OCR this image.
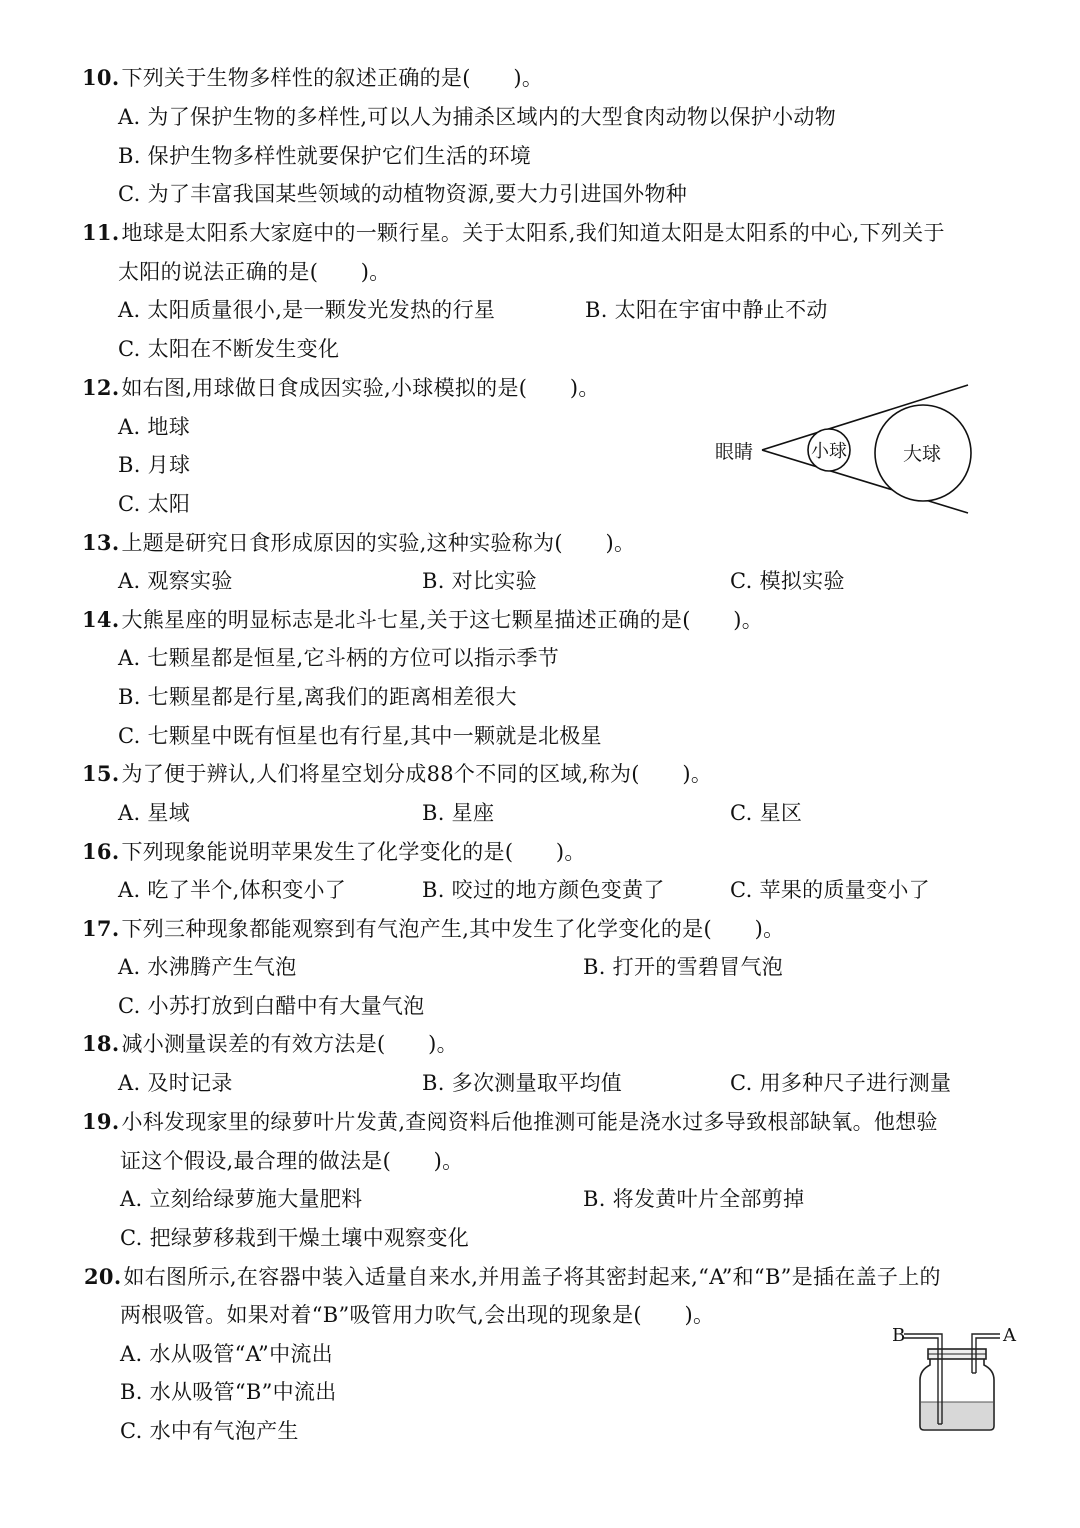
10.下列关于生物多样性的叙述正确的是(　　)。
A. 为了保护生物的多样性,可以人为捕杀区域内的大型食肉动物以保护小动物
B. 保护生物多样性就要保护它们生活的环境
C. 为了丰富我国某些领域的动植物资源,要大力引进国外物种
11.地球是太阳系大家庭中的一颗行星。关于太阳系,我们知道太阳是太阳系的中心,下列关于
太阳的说法正确的是(　　)。
A. 太阳质量很小,是一颗发光发热的行星	B. 太阳在宇宙中静止不动
C. 太阳在不断发生变化
12.如右图,用球做日食成因实验,小球模拟的是(　　)。
A. 地球
B. 月球
C. 太阳
眼睛	小球	大球
13.上题是研究日食形成原因的实验,这种实验称为(　　)。
A. 观察实验	B. 对比实验	C. 模拟实验
14.大熊星座的明显标志是北斗七星,关于这七颗星描述正确的是(　　)。
A. 七颗星都是恒星,它斗柄的方位可以指示季节
B. 七颗星都是行星,离我们的距离相差很大
C. 七颗星中既有恒星也有行星,其中一颗就是北极星
15.为了便于辨认,人们将星空划分成88个不同的区域,称为(　　)。
A. 星域	B. 星座	C. 星区
16.下列现象能说明苹果发生了化学变化的是(　　)。
A. 吃了半个,体积变小了	B. 咬过的地方颜色变黄了	C. 苹果的质量变小了
17.下列三种现象都能观察到有气泡产生,其中发生了化学变化的是(　　)。
A. 水沸腾产生气泡	B. 打开的雪碧冒气泡
C. 小苏打放到白醋中有大量气泡
18.减小测量误差的有效方法是(　　)。
A. 及时记录	B. 多次测量取平均值	C. 用多种尺子进行测量
19.小科发现家里的绿萝叶片发黄,查阅资料后他推测可能是浇水过多导致根部缺氧。他想验
证这个假设,最合理的做法是(　　)。
A. 立刻给绿萝施大量肥料	B. 将发黄叶片全部剪掉
C. 把绿萝移栽到干燥土壤中观察变化
20.如右图所示,在容器中装入适量自来水,并用盖子将其密封起来,“A”和“B”是插在盖子上的
两根吸管。如果对着“B”吸管用力吹气,会出现的现象是(　　)。
A. 水从吸管“A”中流出
B. 水从吸管“B”中流出
C. 水中有气泡产生
B	A
